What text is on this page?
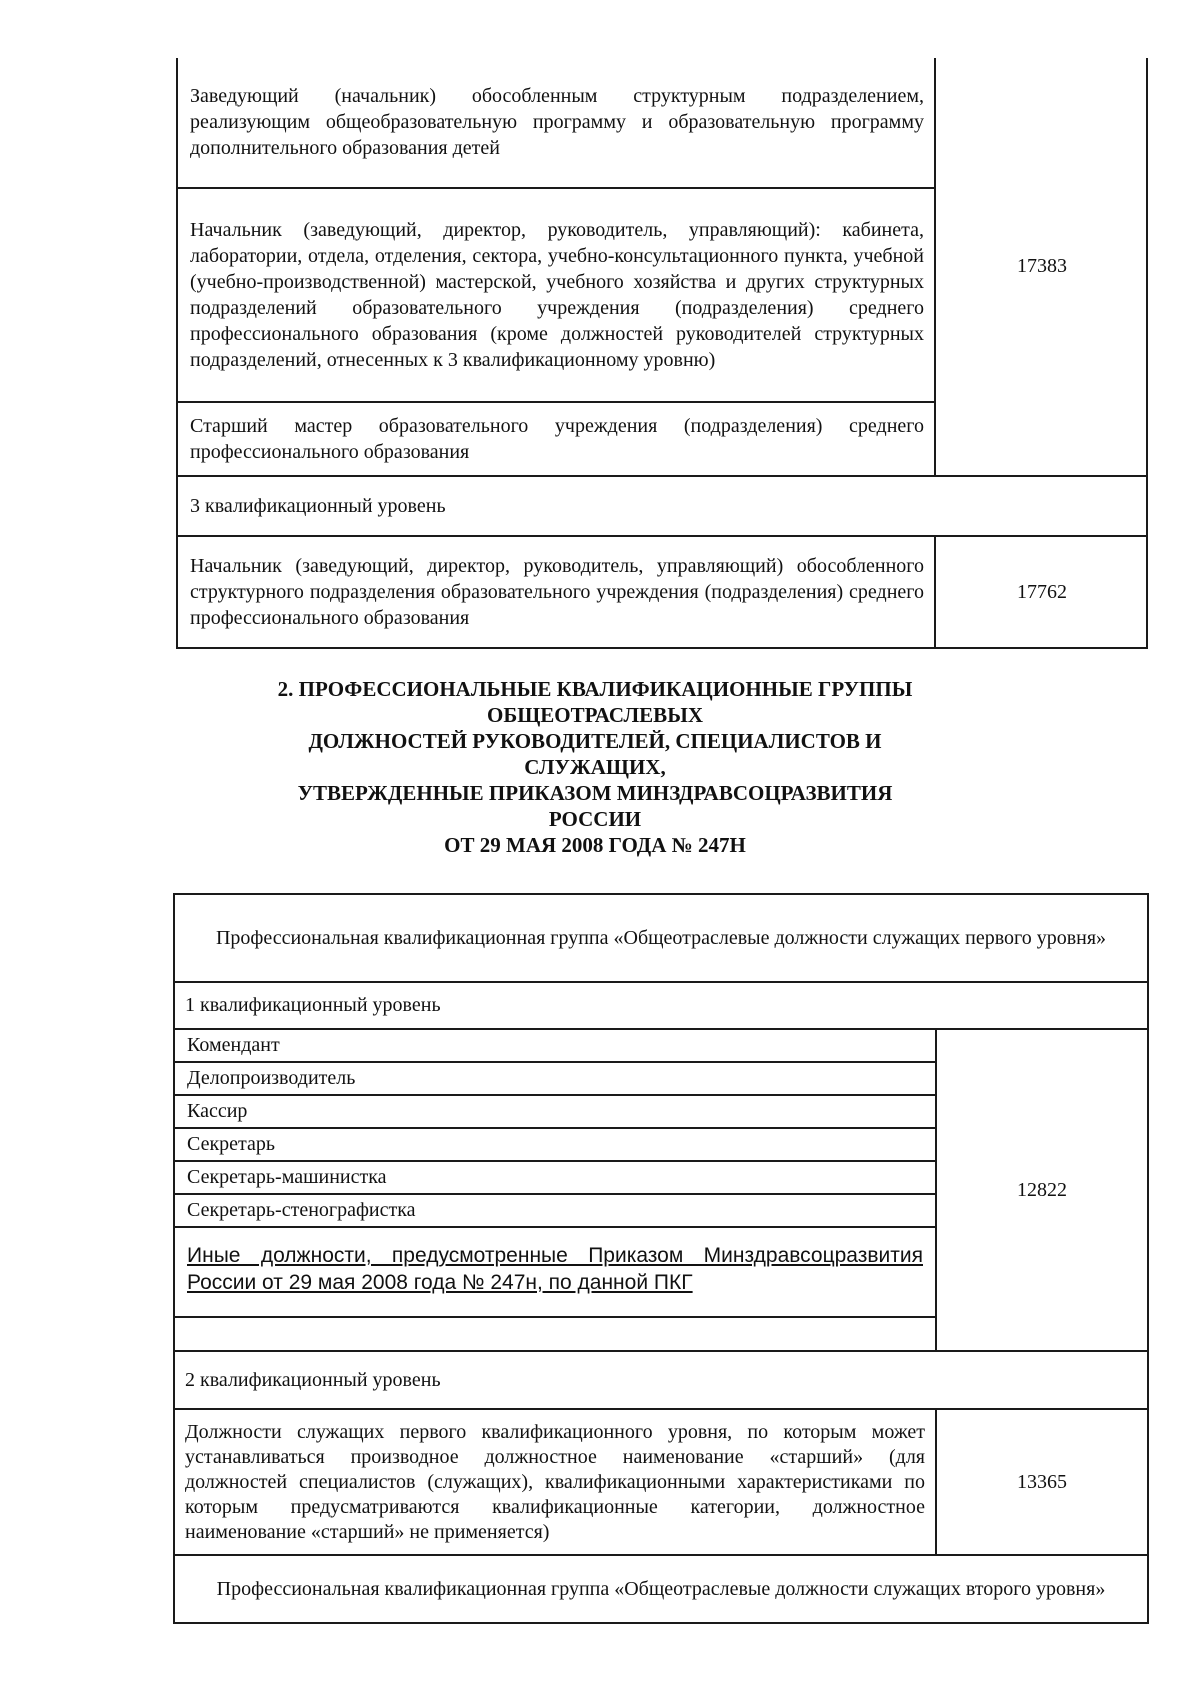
Заведующий (начальник) обособленным структурным подразделением, реализующим общеобразовательную программу и образовательную программу дополнительного образования детей	17383
Начальник (заведующий, директор, руководитель, управляющий): кабинета, лаборатории, отдела, отделения, сектора, учебно-консультационного пункта, учебной (учебно-производственной) мастерской, учебного хозяйства и других структурных подразделений образовательного учреждения (подразделения) среднего профессионального образования (кроме должностей руководителей структурных подразделений, отнесенных к 3 квалификационному уровню)	
Старший мастер образовательного учреждения (подразделения) среднего профессионального образования	
3 квалификационный уровень	
Начальник (заведующий, директор, руководитель, управляющий) обособленного структурного подразделения образовательного учреждения (подразделения) среднего профессионального образования	17762
2. ПРОФЕССИОНАЛЬНЫЕ КВАЛИФИКАЦИОННЫЕ ГРУППЫ
ОБЩЕОТРАСЛЕВЫХ
ДОЛЖНОСТЕЙ РУКОВОДИТЕЛЕЙ, СПЕЦИАЛИСТОВ И
СЛУЖАЩИХ,
УТВЕРЖДЕННЫЕ ПРИКАЗОМ МИНЗДРАВСОЦРАЗВИТИЯ
РОССИИ
ОТ 29 МАЯ 2008 ГОДА № 247Н
Профессиональная квалификационная группа «Общеотраслевые должности служащих первого уровня»	
1 квалификационный уровень	
Комендант	12822
Делопроизводитель	
Кассир	
Секретарь	
Секретарь-машинистка	
Секретарь-стенографистка	
Иные должности, предусмотренные Приказом Минздравсоцразвития России от 29 мая 2008 года № 247н, по данной ПКГ	

2 квалификационный уровень	
Должности служащих первого квалификационного уровня, по которым может устанавливаться производное должностное наименование «старший» (для должностей специалистов (служащих), квалификационными характеристиками по которым предусматриваются квалификационные категории, должностное наименование «старший» не применяется)	13365
Профессиональная квалификационная группа «Общеотраслевые должности служащих второго уровня»	
